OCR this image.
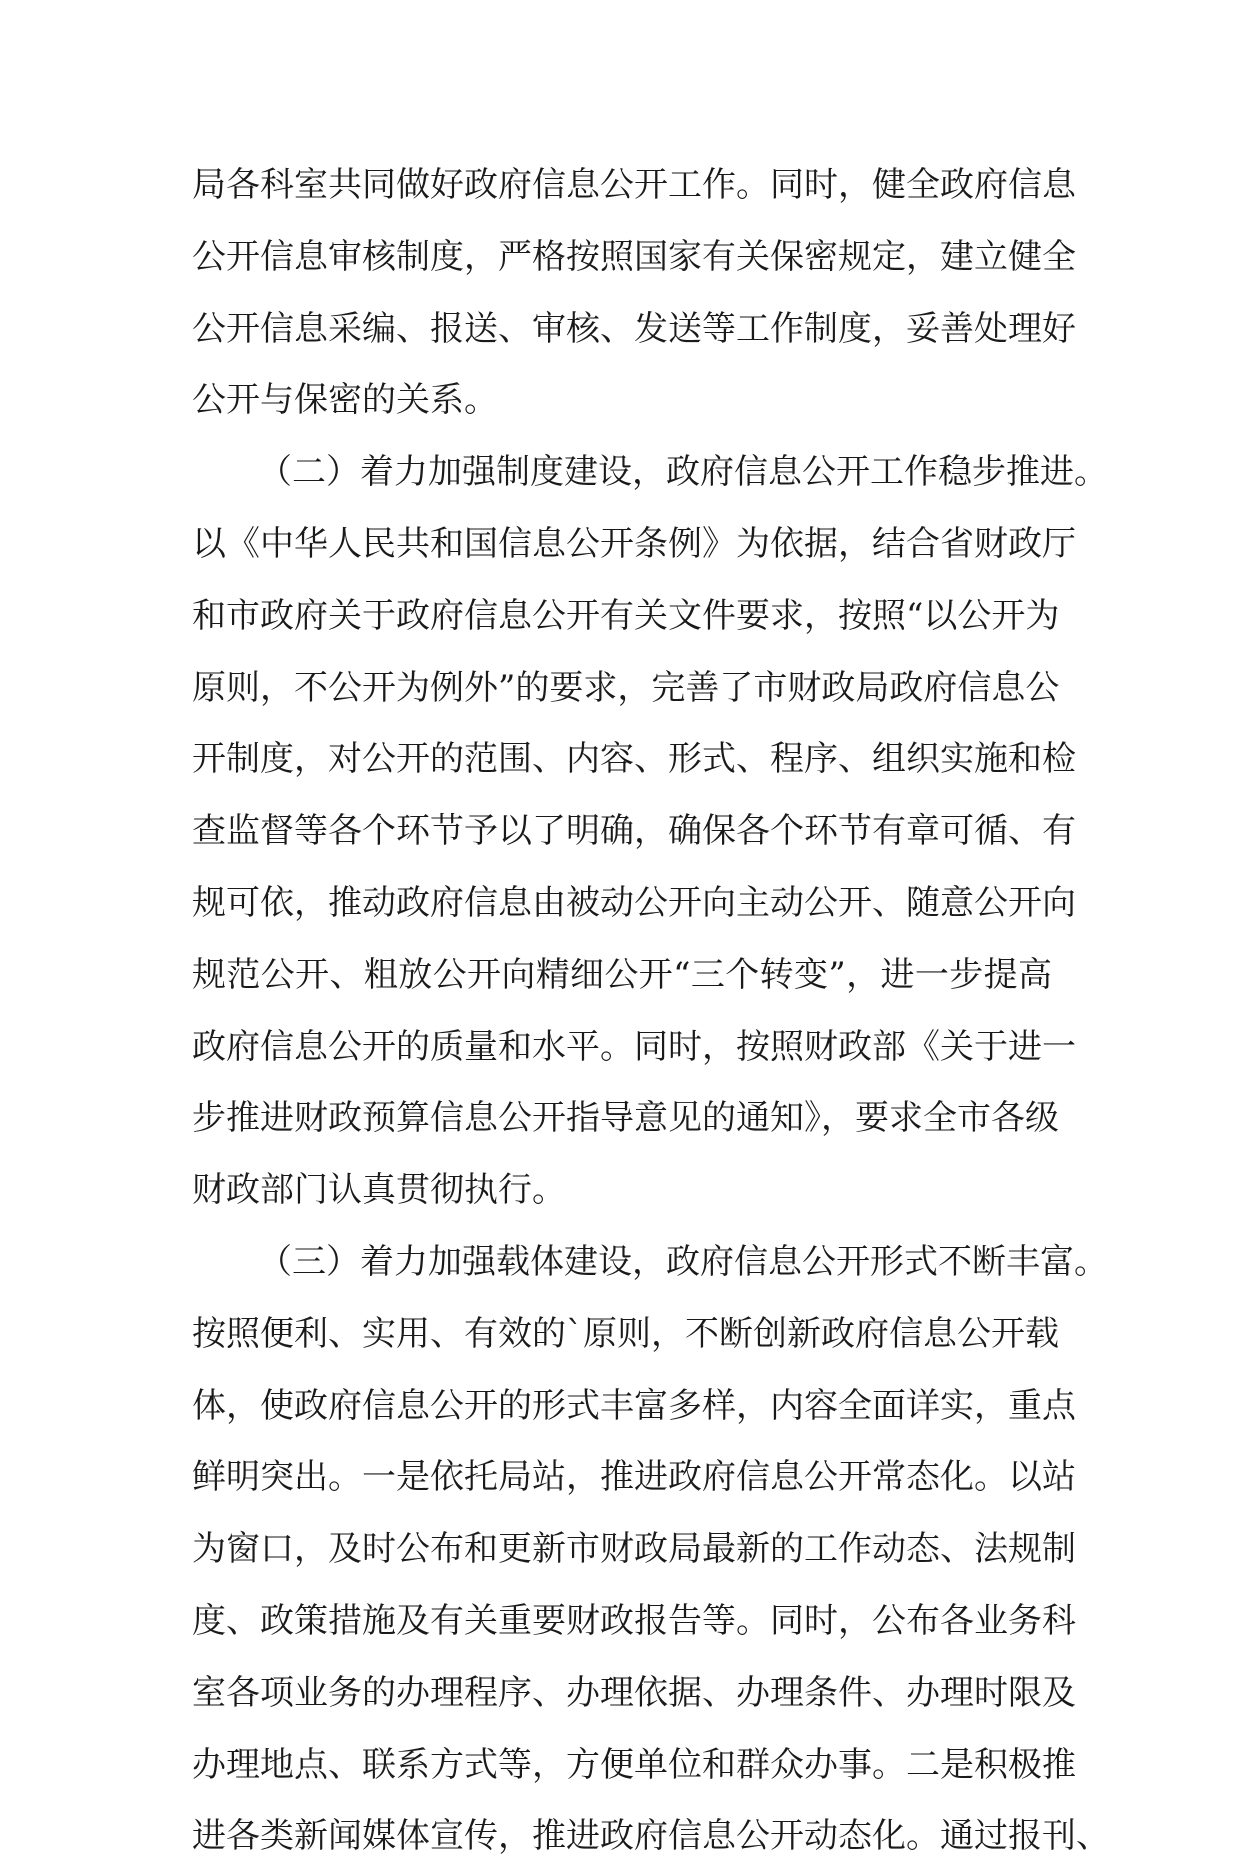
局各科室共同做好政府信息公开工作。同时，健全政府信息
公开信息审核制度，严格按照国家有关保密规定，建立健全
公开信息采编、报送、审核、发送等工作制度，妥善处理好
公开与保密的关系。
（二）着力加强制度建设，政府信息公开工作稳步推进。
以《中华人民共和国信息公开条例》为依据，结合省财政厅
和市政府关于政府信息公开有关文件要求，按照“以公开为
原则，不公开为例外”的要求，完善了市财政局政府信息公
开制度，对公开的范围、内容、形式、程序、组织实施和检
查监督等各个环节予以了明确，确保各个环节有章可循、有
规可依，推动政府信息由被动公开向主动公开、随意公开向
规范公开、粗放公开向精细公开“三个转变”，进一步提高
政府信息公开的质量和水平。同时，按照财政部《关于进一
步推进财政预算信息公开指导意见的通知》，要求全市各级
财政部门认真贯彻执行。
（三）着力加强载体建设，政府信息公开形式不断丰富。
按照便利、实用、有效的`原则，不断创新政府信息公开载
体，使政府信息公开的形式丰富多样，内容全面详实，重点
鲜明突出。一是依托局站，推进政府信息公开常态化。以站
为窗口，及时公布和更新市财政局最新的工作动态、法规制
度、政策措施及有关重要财政报告等。同时，公布各业务科
室各项业务的办理程序、办理依据、办理条件、办理时限及
办理地点、联系方式等，方便单位和群众办事。二是积极推
进各类新闻媒体宣传，推进政府信息公开动态化。通过报刊、
